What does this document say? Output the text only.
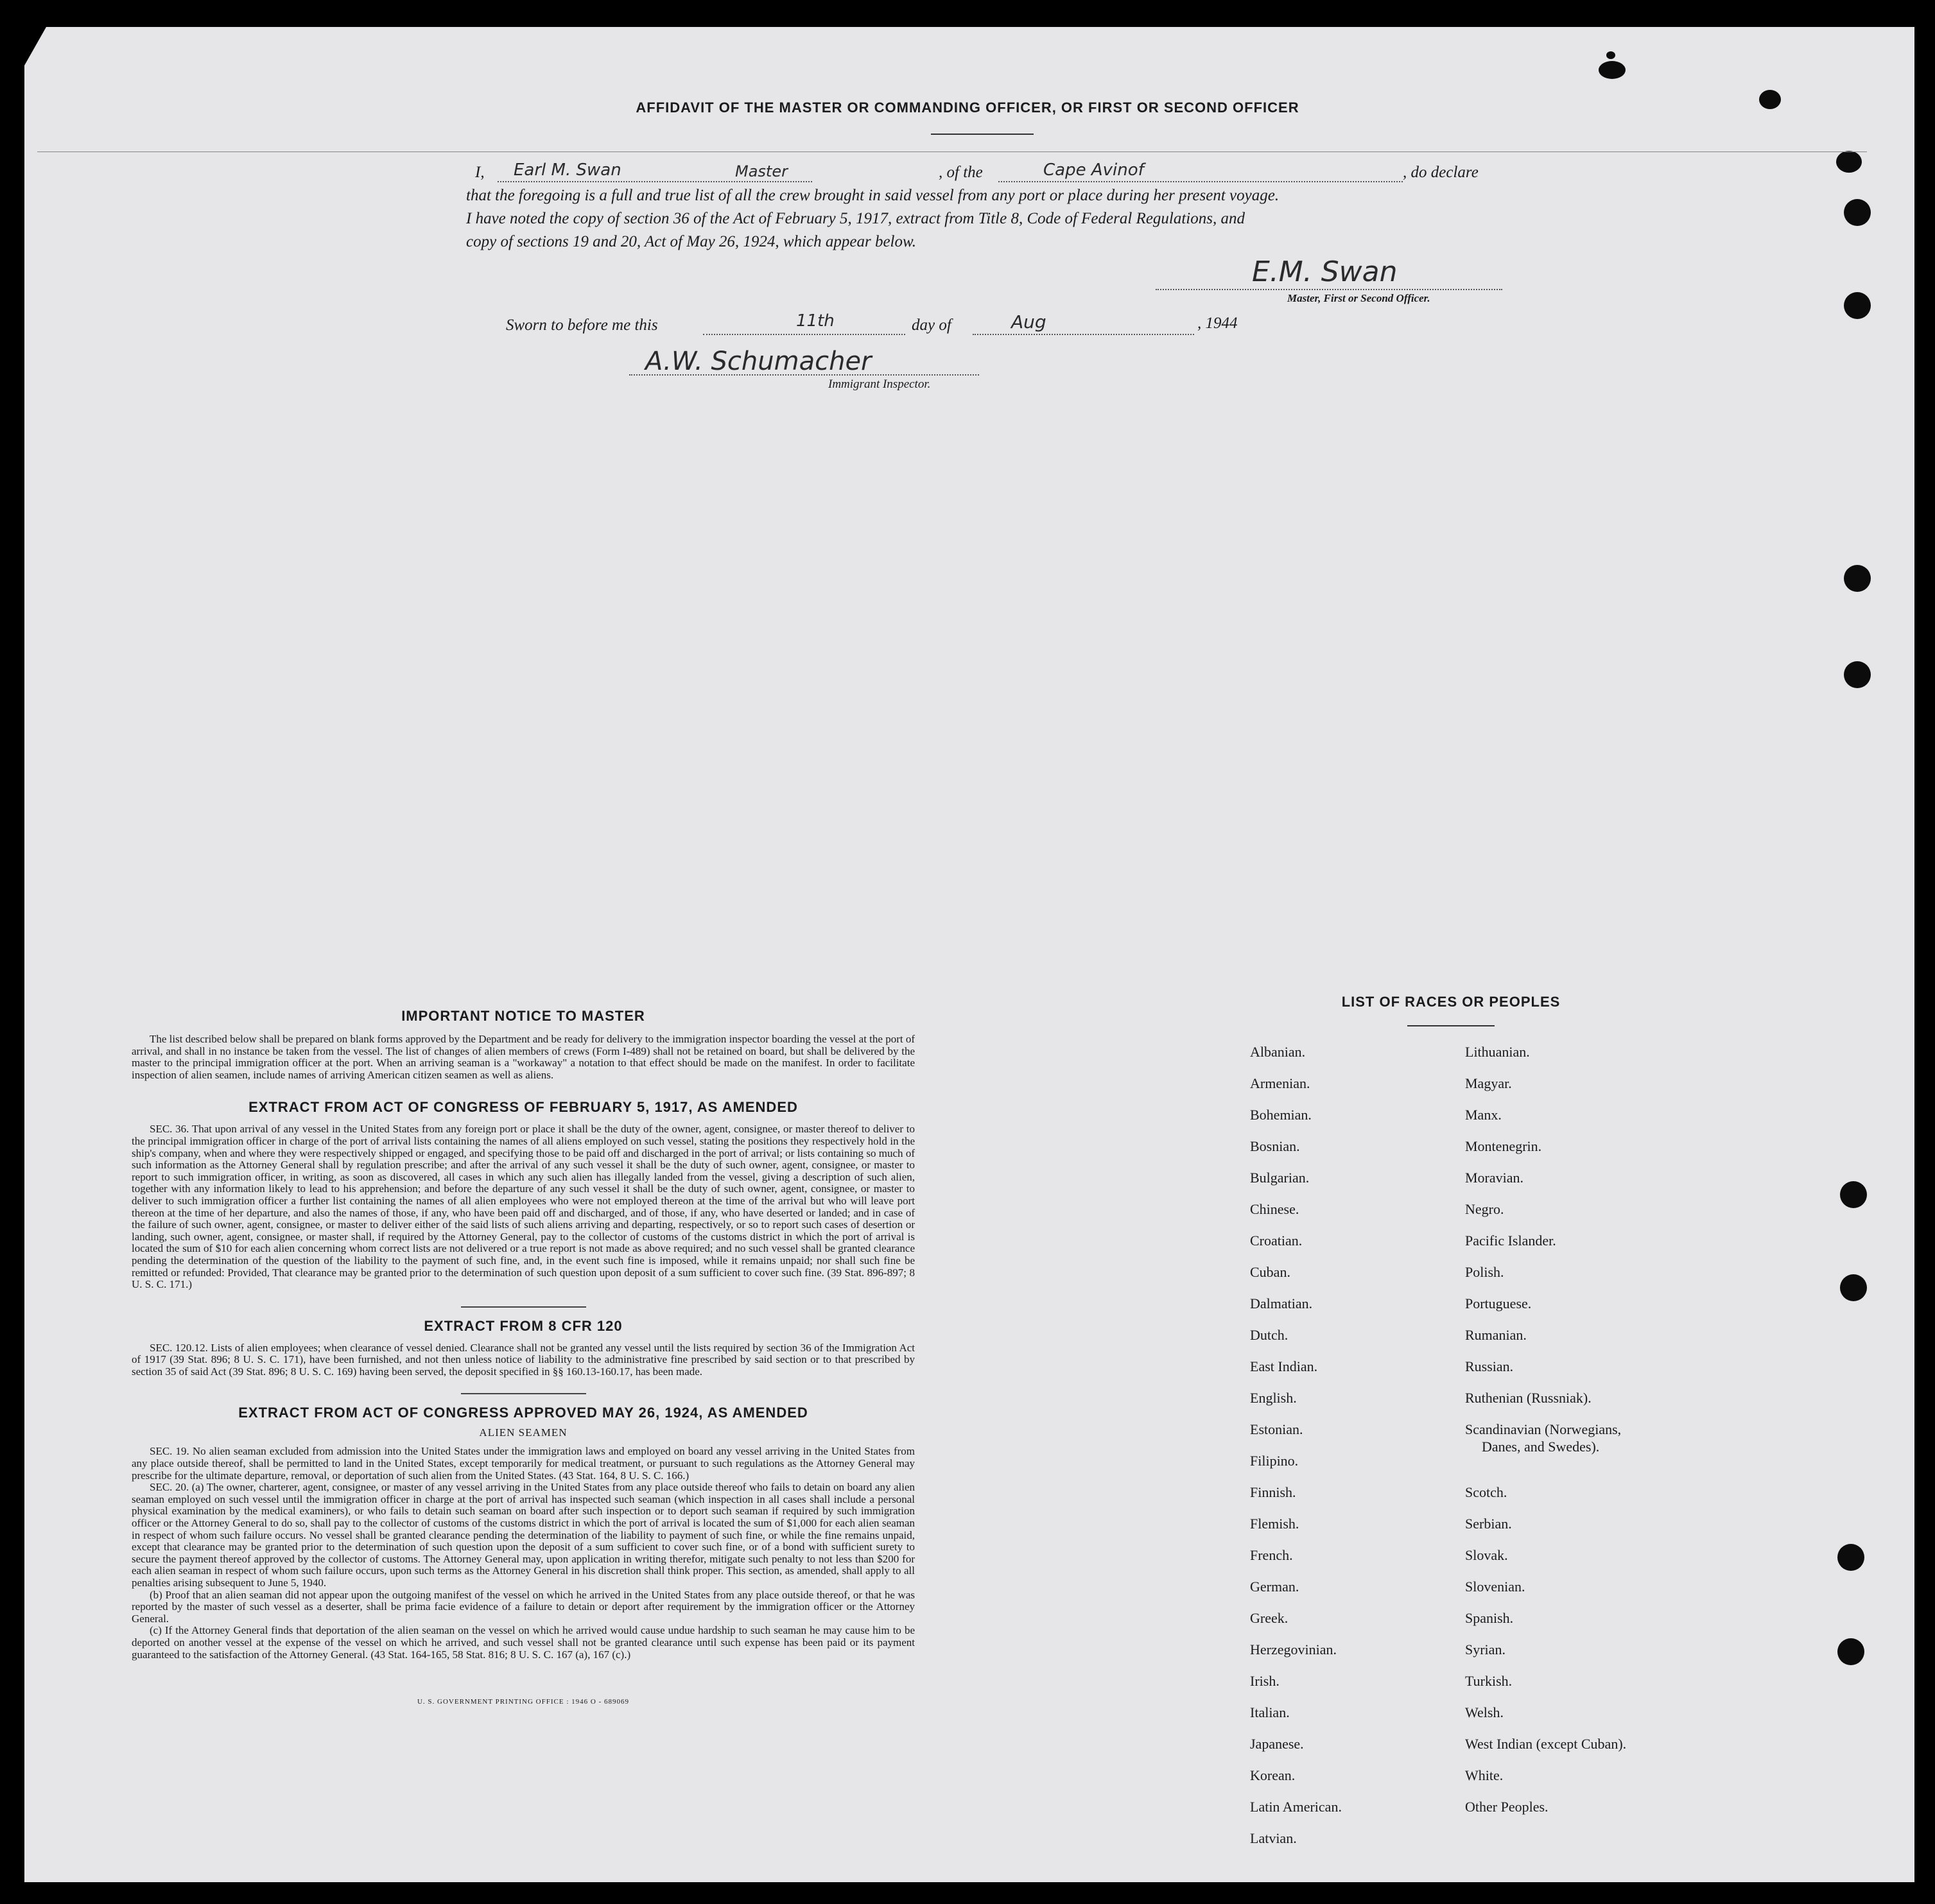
AFFIDAVIT OF THE MASTER OR COMMANDING OFFICER, OR FIRST OR SECOND OFFICER
I, Earl M. Swan	Master	, of the	Cape Avinof	, do declare
that the foregoing is a full and true list of all the crew brought in said vessel from any port or place during her present voyage.
I have noted the copy of section 36 of the Act of February 5, 1917, extract from Title 8, Code of Federal Regulations, and
copy of sections 19 and 20, Act of May 26, 1924, which appear below.
E.M. Swan
Master, First or Second Officer.
Sworn to before me this	11th	day of	Aug	, 1944
A.W. Schumacher
Immigrant Inspector.
IMPORTANT NOTICE TO MASTER

The list described below shall be prepared on blank forms approved by the Department and be ready for delivery to the immigration inspector boarding the vessel at the port of arrival, and shall in no instance be taken from the vessel. The list of changes of alien members of crews (Form I-489) shall not be retained on board, but shall be delivered by the master to the principal immigration officer at the port. When an arriving seaman is a "workaway" a notation to that effect should be made on the manifest. In order to facilitate inspection of alien seamen, include names of arriving American citizen seamen as well as aliens.

EXTRACT FROM ACT OF CONGRESS OF FEBRUARY 5, 1917, AS AMENDED

SEC. 36. That upon arrival of any vessel in the United States from any foreign port or place it shall be the duty of the owner, agent, consignee, or master thereof to deliver to the principal immigration officer in charge of the port of arrival lists containing the names of all aliens employed on such vessel, stating the positions they respectively hold in the ship's company, when and where they were respectively shipped or engaged, and specifying those to be paid off and discharged in the port of arrival; or lists containing so much of such information as the Attorney General shall by regulation prescribe; and after the arrival of any such vessel it shall be the duty of such owner, agent, consignee, or master to report to such immigration officer, in writing, as soon as discovered, all cases in which any such alien has illegally landed from the vessel, giving a description of such alien, together with any information likely to lead to his apprehension; and before the departure of any such vessel it shall be the duty of such owner, agent, consignee, or master to deliver to such immigration officer a further list containing the names of all alien employees who were not employed thereon at the time of the arrival but who will leave port thereon at the time of her departure, and also the names of those, if any, who have been paid off and discharged, and of those, if any, who have deserted or landed; and in case of the failure of such owner, agent, consignee, or master to deliver either of the said lists of such aliens arriving and departing, respectively, or so to report such cases of desertion or landing, such owner, agent, consignee, or master shall, if required by the Attorney General, pay to the collector of customs of the customs district in which the port of arrival is located the sum of $10 for each alien concerning whom correct lists are not delivered or a true report is not made as above required; and no such vessel shall be granted clearance pending the determination of the question of the liability to the payment of such fine, and, in the event such fine is imposed, while it remains unpaid; nor shall such fine be remitted or refunded: Provided, That clearance may be granted prior to the determination of such question upon deposit of a sum sufficient to cover such fine. (39 Stat. 896-897; 8 U. S. C. 171.)

EXTRACT FROM 8 CFR 120

SEC. 120.12. Lists of alien employees; when clearance of vessel denied. Clearance shall not be granted any vessel until the lists required by section 36 of the Immigration Act of 1917 (39 Stat. 896; 8 U. S. C. 171), have been furnished, and not then unless notice of liability to the administrative fine prescribed by said section or to that prescribed by section 35 of said Act (39 Stat. 896; 8 U. S. C. 169) having been served, the deposit specified in §§ 160.13-160.17, has been made.

EXTRACT FROM ACT OF CONGRESS APPROVED MAY 26, 1924, AS AMENDED
ALIEN SEAMEN

SEC. 19. No alien seaman excluded from admission into the United States under the immigration laws and employed on board any vessel arriving in the United States from any place outside thereof, shall be permitted to land in the United States, except temporarily for medical treatment, or pursuant to such regulations as the Attorney General may prescribe for the ultimate departure, removal, or deportation of such alien from the United States. (43 Stat. 164, 8 U. S. C. 166.)

SEC. 20. (a) The owner, charterer, agent, consignee, or master of any vessel arriving in the United States from any place outside thereof who fails to detain on board any alien seaman employed on such vessel until the immigration officer in charge at the port of arrival has inspected such seaman (which inspection in all cases shall include a personal physical examination by the medical examiners), or who fails to detain such seaman on board after such inspection or to deport such seaman if required by such immigration officer or the Attorney General to do so, shall pay to the collector of customs of the customs district in which the port of arrival is located the sum of $1,000 for each alien seaman in respect of whom such failure occurs. No vessel shall be granted clearance pending the determination of the liability to payment of such fine, or while the fine remains unpaid, except that clearance may be granted prior to the determination of such question upon the deposit of a sum sufficient to cover such fine, or of a bond with sufficient surety to secure the payment thereof approved by the collector of customs. The Attorney General may, upon application in writing therefor, mitigate such penalty to not less than $200 for each alien seaman in respect of whom such failure occurs, upon such terms as the Attorney General in his discretion shall think proper. This section, as amended, shall apply to all penalties arising subsequent to June 5, 1940.

(b) Proof that an alien seaman did not appear upon the outgoing manifest of the vessel on which he arrived in the United States from any place outside thereof, or that he was reported by the master of such vessel as a deserter, shall be prima facie evidence of a failure to detain or deport after requirement by the immigration officer or the Attorney General.

(c) If the Attorney General finds that deportation of the alien seaman on the vessel on which he arrived would cause undue hardship to such seaman he may cause him to be deported on another vessel at the expense of the vessel on which he arrived, and such vessel shall not be granted clearance until such expense has been paid or its payment guaranteed to the satisfaction of the Attorney General. (43 Stat. 164-165, 58 Stat. 816; 8 U. S. C. 167 (a), 167 (c).)

U. S. GOVERNMENT PRINTING OFFICE : 1946 O - 689069
LIST OF RACES OR PEOPLES
Albanian.
Armenian.
Bohemian.
Bosnian.
Bulgarian.
Chinese.
Croatian.
Cuban.
Dalmatian.
Dutch.
East Indian.
English.
Estonian.
Filipino.
Finnish.
Flemish.
French.
German.
Greek.
Herzegovinian.
Irish.
Italian.
Japanese.
Korean.
Latin American.
Latvian.
Lithuanian.
Magyar.
Manx.
Montenegrin.
Moravian.
Negro.
Pacific Islander.
Polish.
Portuguese.
Rumanian.
Russian.
Ruthenian (Russniak).
Scandinavian (Norwegians,
Danes, and Swedes).
Scotch.
Serbian.
Slovak.
Slovenian.
Spanish.
Syrian.
Turkish.
Welsh.
West Indian (except Cuban).
White.
Other Peoples.
